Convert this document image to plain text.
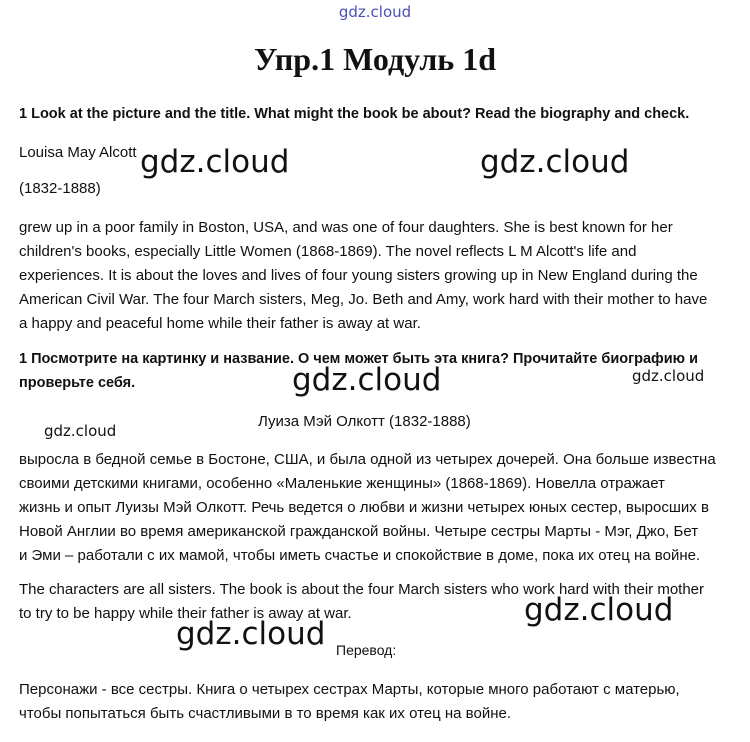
gdz.cloud
Упр.1 Модуль 1d
1 Look at the picture and the title. What might the book be about? Read the biography and check.
Louisa May Alcott gdz.cloud	gdz.cloud
(1832-1888)
grew up in a poor family in Boston, USA, and was one of four daughters. She is best known for her
children's books, especially Little Women (1868-1869). The novel reflects L M Alcott's life and
experiences. It is about the loves and lives of four young sisters growing up in New England during the
American Civil War. The four March sisters, Meg, Jo. Beth and Amy, work hard with their mother to have
a happy and peaceful home while their father is away at war.
1 Посмотрите на картинку и название. О чем может быть эта книга? Прочитайте биографию и
проверьте себя.	gdz.cloud	gdz.cloud
Луиза Мэй Олкотт (1832-1888)
gdz.cloud
выросла в бедной семье в Бостоне, США, и была одной из четырех дочерей. Она больше известна
своими детскими книгами, особенно «Маленькие женщины» (1868-1869). Новелла отражает
жизнь и опыт Луизы Мэй Олкотт. Речь ведется о любви и жизни четырех юных сестер, выросших в
Новой Англии во время американской гражданской войны. Четыре сестры Марты - Мэг, Джо, Бет
и Эми – работали с их мамой, чтобы иметь счастье и спокойствие в доме, пока их отец на войне.
The characters are all sisters. The book is about the four March sisters who work hard with their mother
to try to be happy while their father is away at war.	gdz.cloud
gdz.cloud Перевод:
Персонажи - все сестры. Книга о четырех сестрах Марты, которые много работают с матерью,
чтобы попытаться быть счастливыми в то время как их отец на войне.
